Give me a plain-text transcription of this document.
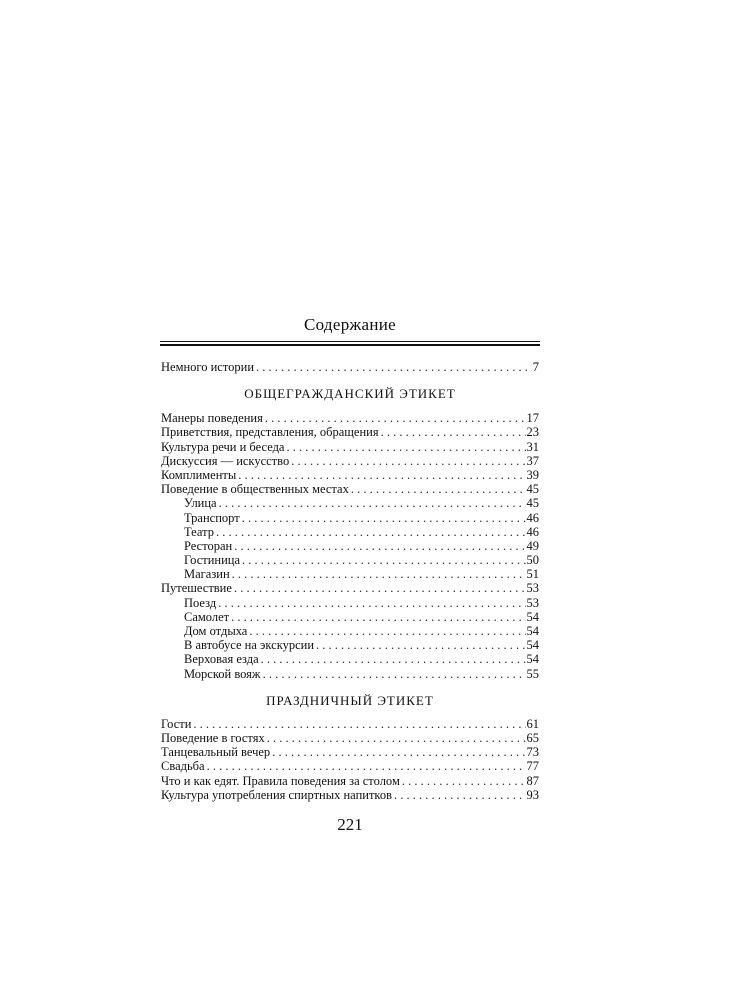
Содержание
Немного истории . . .	7
ОБЩЕГРАЖДАНСКИЙ ЭТИКЕТ
Манеры поведения . . .	17
Приветствия, представления, обращения . . .	23
Культура речи и беседа . . .	31
Дискуссия — искусство . . .	37
Комплименты . . .	39
Поведение в общественных местах . . .	45
Улица . . .	45
Транспорт . . .	46
Театр . . .	46
Ресторан . . .	49
Гостиница . . .	50
Магазин . . .	51
Путешествие . . .	53
Поезд . . .	53
Самолет . . .	54
Дом отдыха . . .	54
В автобусе на экскурсии . . .	54
Верховая езда . . .	54
Морской вояж . . .	55
ПРАЗДНИЧНЫЙ ЭТИКЕТ
Гости . . .	61
Поведение в гостях . . .	65
Танцевальный вечер . . .	73
Свадьба . . .	77
Что и как едят. Правила поведения за столом . . .	87
Культура употребления спиртных напитков . . .	93
221
